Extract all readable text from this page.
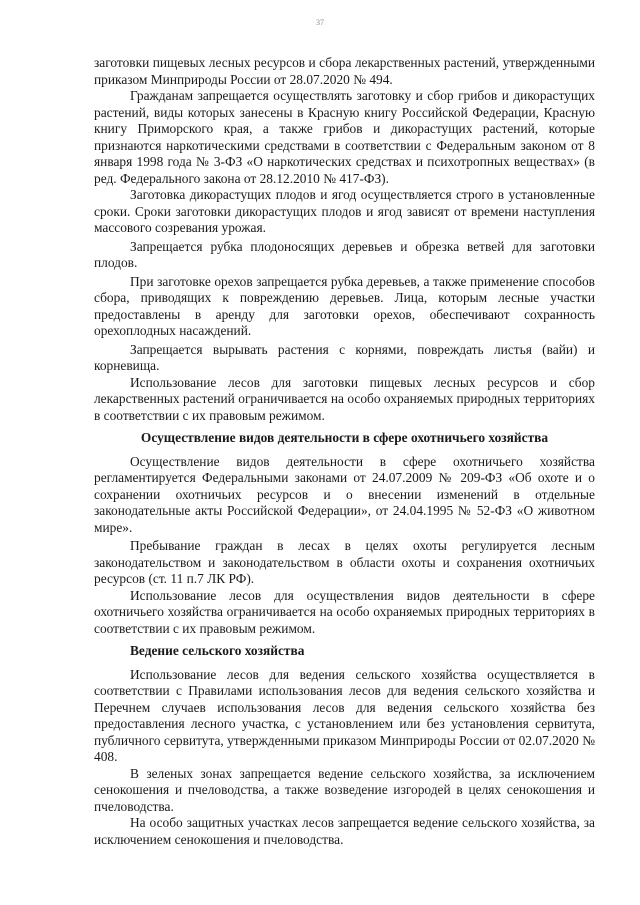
37

заготовки пищевых лесных ресурсов и сбора лекарственных растений, утвержденными приказом Минприроды России от 28.07.2020 № 494.

Гражданам запрещается осуществлять заготовку и сбор грибов и дикорастущих растений, виды которых занесены в Красную книгу Российской Федерации, Красную книгу Приморского края, а также грибов и дикорастущих растений, которые признаются наркотическими средствами в соответствии с Федеральным законом от 8 января 1998 года № 3-ФЗ «О наркотических средствах и психотропных веществах» (в ред. Федерального закона от 28.12.2010 № 417-ФЗ).

Заготовка дикорастущих плодов и ягод осуществляется строго в установленные сроки. Сроки заготовки дикорастущих плодов и ягод зависят от времени наступления массового созревания урожая.

Запрещается рубка плодоносящих деревьев и обрезка ветвей для заготовки плодов.

При заготовке орехов запрещается рубка деревьев, а также применение способов сбора, приводящих к повреждению деревьев. Лица, которым лесные участки предоставлены в аренду для заготовки орехов, обеспечивают сохранность орехоплодных насаждений.

Запрещается вырывать растения с корнями, повреждать листья (вайи) и корневища.

Использование лесов для заготовки пищевых лесных ресурсов и сбор лекарственных растений ограничивается на особо охраняемых природных территориях в соответствии с их правовым режимом.

Осуществление видов деятельности в сфере охотничьего хозяйства

Осуществление видов деятельности в сфере охотничьего хозяйства регламентируется Федеральными законами от 24.07.2009 № 209-ФЗ «Об охоте и о сохранении охотничьих ресурсов и о внесении изменений в отдельные законодательные акты Российской Федерации», от 24.04.1995 № 52-ФЗ «О животном мире».

Пребывание граждан в лесах в целях охоты регулируется лесным законодательством и законодательством в области охоты и сохранения охотничьих ресурсов (ст. 11 п.7 ЛК РФ).

Использование лесов для осуществления видов деятельности в сфере охотничьего хозяйства ограничивается на особо охраняемых природных территориях в соответствии с их правовым режимом.

Ведение сельского хозяйства

Использование лесов для ведения сельского хозяйства осуществляется в соответствии с Правилами использования лесов для ведения сельского хозяйства и Перечнем случаев использования лесов для ведения сельского хозяйства без предоставления лесного участка, с установлением или без установления сервитута, публичного сервитута, утвержденными приказом Минприроды России от 02.07.2020 № 408.

В зеленых зонах запрещается ведение сельского хозяйства, за исключением сенокошения и пчеловодства, а также возведение изгородей в целях сенокошения и пчеловодства.

На особо защитных участках лесов запрещается ведение сельского хозяйства, за исключением сенокошения и пчеловодства.
